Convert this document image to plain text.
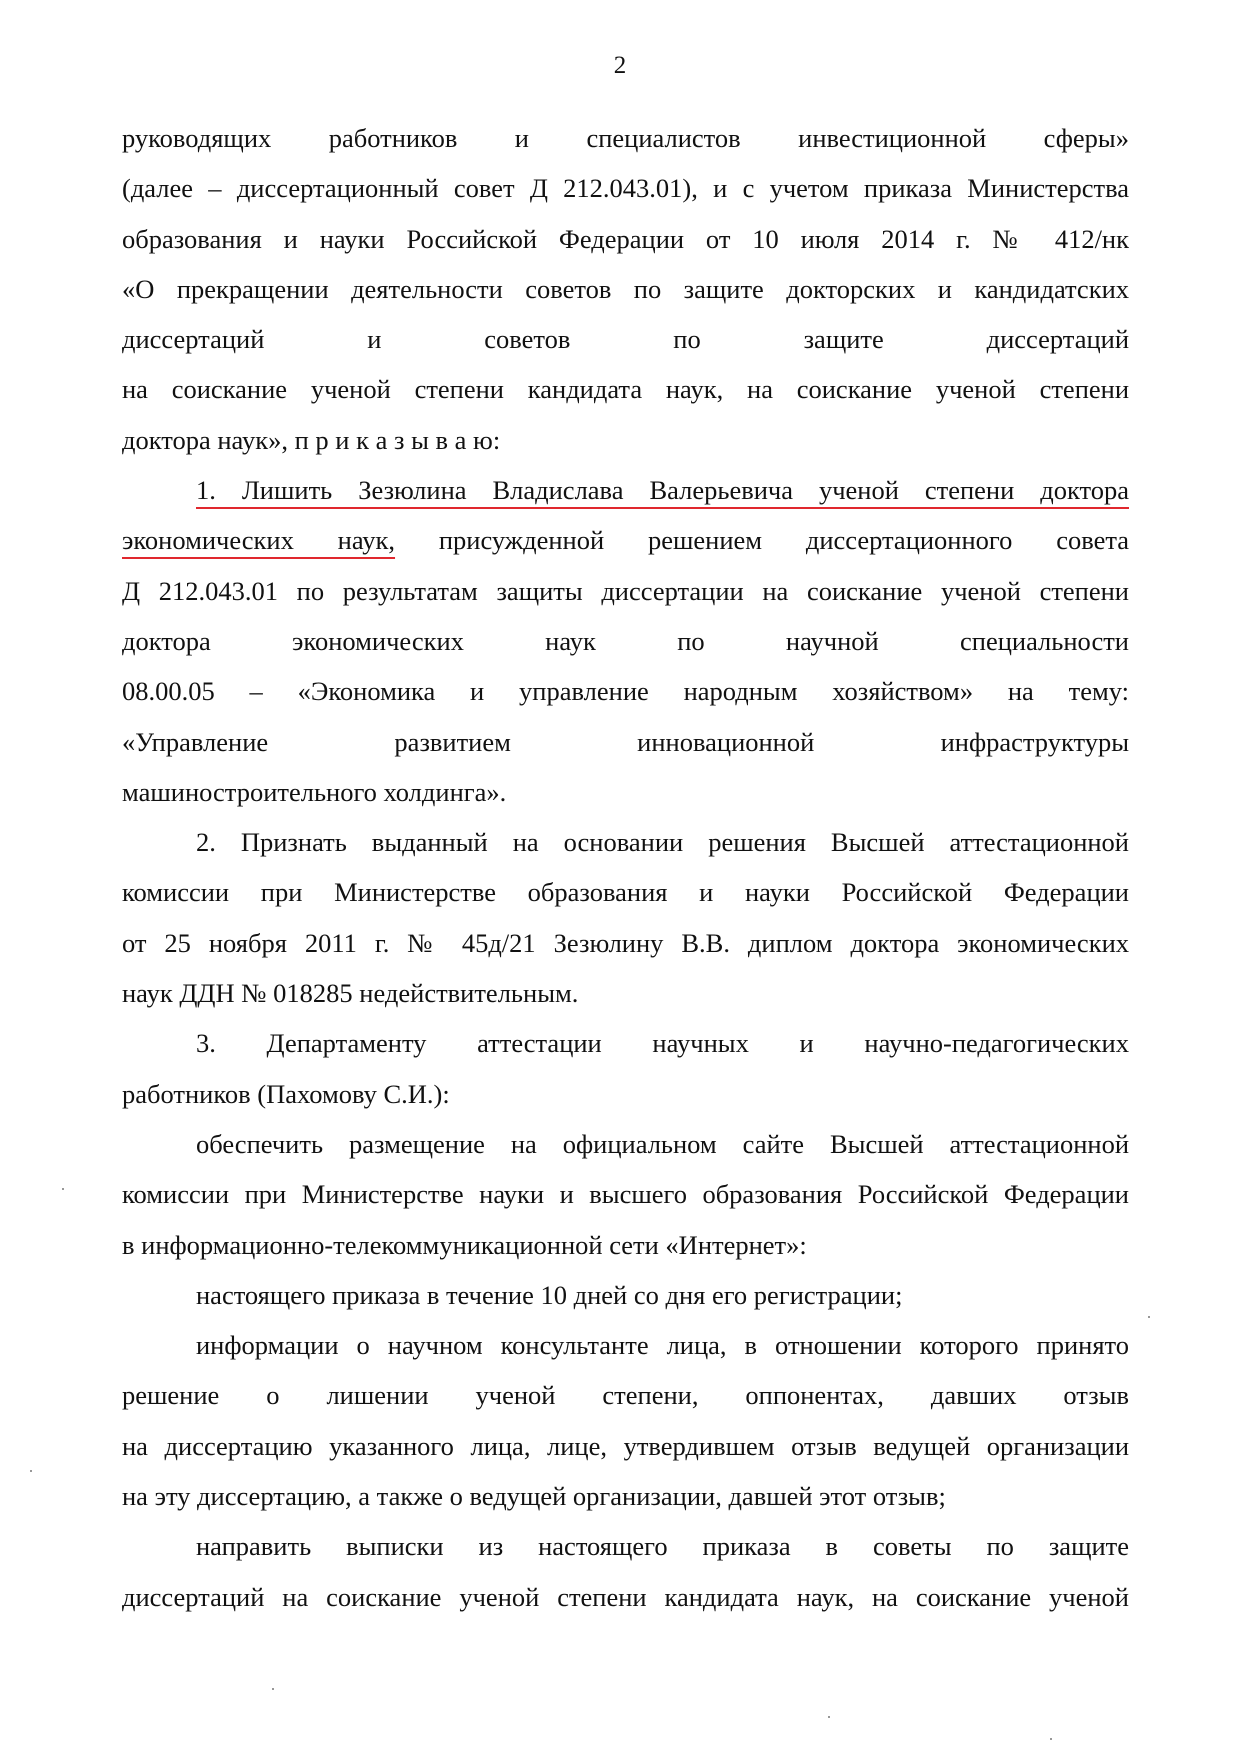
2
руководящих работников и специалистов инвестиционной сферы»
(далее – диссертационный совет Д 212.043.01), и с учетом приказа Министерства
образования и науки Российской Федерации от 10 июля 2014 г. № 412/нк
«О прекращении деятельности советов по защите докторских и кандидатских
диссертаций и советов по защите диссертаций
на соискание ученой степени кандидата наук, на соискание ученой степени
доктора наук», п р и к а з ы в а ю:
1. Лишить Зезюлина Владислава Валерьевича ученой степени доктора
экономических наук, присужденной решением диссертационного совета
Д 212.043.01 по результатам защиты диссертации на соискание ученой степени
доктора экономических наук по научной специальности
08.00.05 – «Экономика и управление народным хозяйством» на тему:
«Управление развитием инновационной инфраструктуры
машиностроительного холдинга».
2. Признать выданный на основании решения Высшей аттестационной
комиссии при Министерстве образования и науки Российской Федерации
от 25 ноября 2011 г. № 45д/21 Зезюлину В.В. диплом доктора экономических
наук ДДН № 018285 недействительным.
3. Департаменту аттестации научных и научно-педагогических
работников (Пахомову С.И.):
обеспечить размещение на официальном сайте Высшей аттестационной
комиссии при Министерстве науки и высшего образования Российской Федерации
в информационно-телекоммуникационной сети «Интернет»:
настоящего приказа в течение 10 дней со дня его регистрации;
информации о научном консультанте лица, в отношении которого принято
решение о лишении ученой степени, оппонентах, давших отзыв
на диссертацию указанного лица, лице, утвердившем отзыв ведущей организации
на эту диссертацию, а также о ведущей организации, давшей этот отзыв;
направить выписки из настоящего приказа в советы по защите
диссертаций на соискание ученой степени кандидата наук, на соискание ученой
